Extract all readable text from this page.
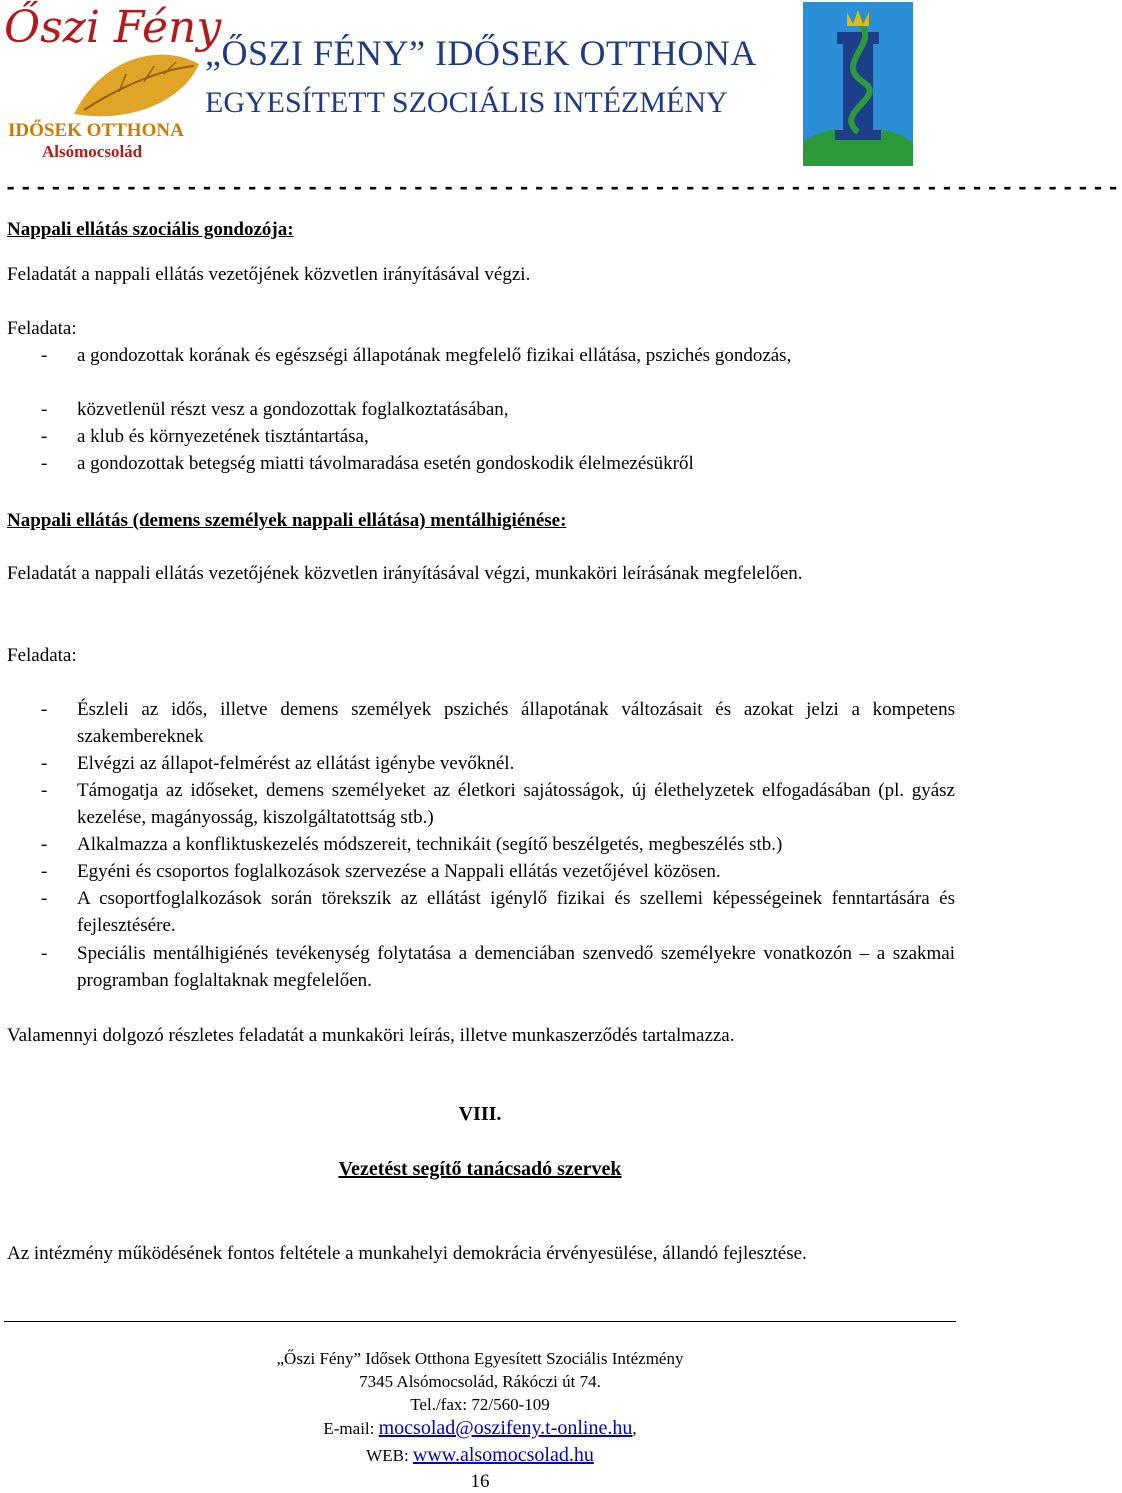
Őszi Fény
IDŐSEK OTTHONA
Alsómocsolád
„ŐSZI FÉNY” IDŐSEK OTTHONA
EGYESÍTETT SZOCIÁLIS INTÉZMÉNY
--------------------------------------------------------------------------
Nappali ellátás szociális gondozója:
Feladatát a nappali ellátás vezetőjének közvetlen irányításával végzi.
Feladata:
-	a gondozottak korának és egészségi állapotának megfelelő fizikai ellátása, pszichés gondozás,
-	közvetlenül részt vesz a gondozottak foglalkoztatásában,
-	a klub és környezetének tisztántartása,
-	a gondozottak betegség miatti távolmaradása esetén gondoskodik élelmezésükről
Nappali ellátás (demens személyek nappali ellátása) mentálhigiénése:
Feladatát a nappali ellátás vezetőjének közvetlen irányításával végzi, munkaköri leírásának megfelelően.
Feladata:
-	Észleli az idős, illetve demens személyek pszichés állapotának változásait és azokat jelzi a kompetens szakembereknek
-	Elvégzi az állapot-felmérést az ellátást igénybe vevőknél.
-	Támogatja az időseket, demens személyeket az életkori sajátosságok, új élethelyzetek elfogadásában (pl. gyász kezelése, magányosság, kiszolgáltatottság stb.)
-	Alkalmazza a konfliktuskezelés módszereit, technikáit (segítő beszélgetés, megbeszélés stb.)
-	Egyéni és csoportos foglalkozások szervezése a Nappali ellátás vezetőjével közösen.
-	A csoportfoglalkozások során törekszik az ellátást igénylő fizikai és szellemi képességeinek fenntartására és fejlesztésére.
-	Speciális mentálhigiénés tevékenység folytatása a demenciában szenvedő személyekre vonatkozón – a szakmai programban foglaltaknak megfelelően.
Valamennyi dolgozó részletes feladatát a munkaköri leírás, illetve munkaszerződés tartalmazza.
VIII.
Vezetést segítő tanácsadó szervek
Az intézmény működésének fontos feltétele a munkahelyi demokrácia érvényesülése, állandó fejlesztése.
„Őszi Fény” Idősek Otthona Egyesített Szociális Intézmény
7345 Alsómocsolád, Rákóczi út 74.
Tel./fax: 72/560-109
E-mail: mocsolad@oszifeny.t-online.hu,
WEB: www.alsomocsolad.hu
16
